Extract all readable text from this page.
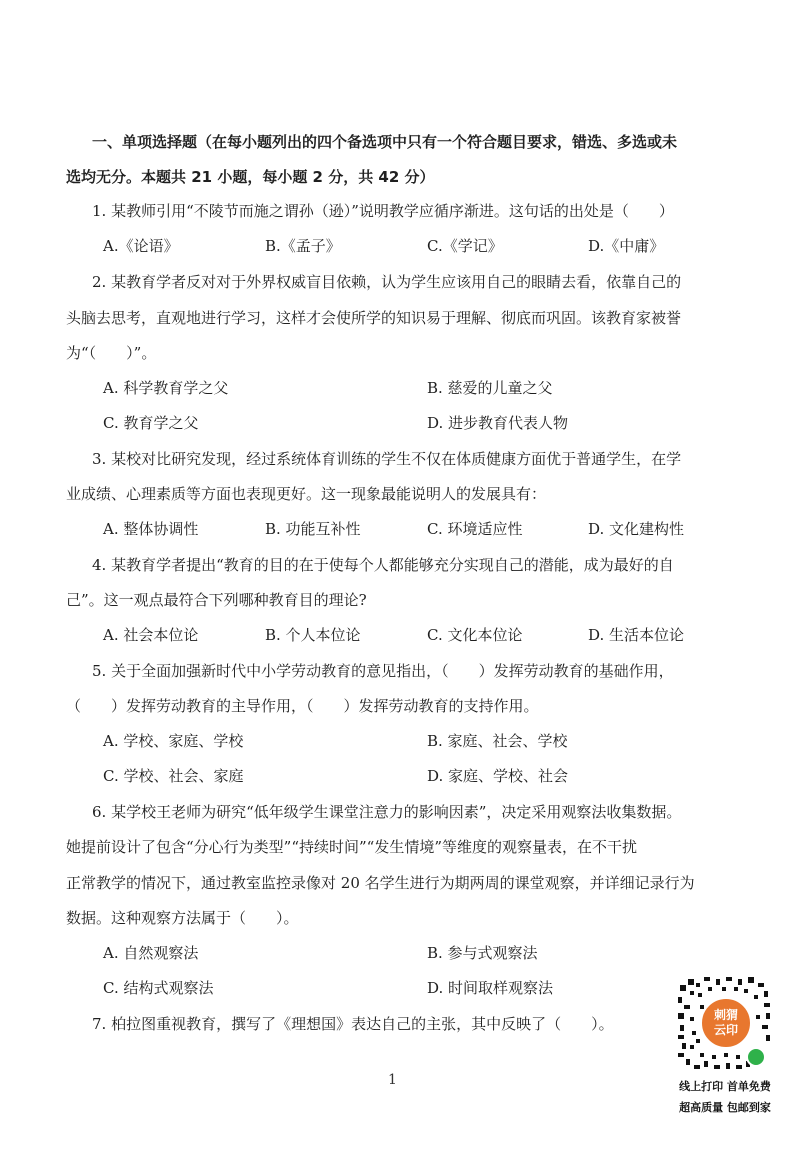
一、单项选择题（在每小题列出的四个备选项中只有一个符合题目要求，错选、多选或未
选均无分。本题共 21 小题，每小题 2 分，共 42 分）
1. 某教师引用“不陵节而施之谓孙（逊）”说明教学应循序渐进。这句话的出处是（　　）
A.《论语》	B.《孟子》	C.《学记》	D.《中庸》
2. 某教育学者反对对于外界权威盲目依赖，认为学生应该用自己的眼睛去看，依靠自己的
头脑去思考，直观地进行学习，这样才会使所学的知识易于理解、彻底而巩固。该教育家被誉
为“（　　）”。
A. 科学教育学之父	B. 慈爱的儿童之父
C. 教育学之父	D. 进步教育代表人物
3. 某校对比研究发现，经过系统体育训练的学生不仅在体质健康方面优于普通学生，在学
业成绩、心理素质等方面也表现更好。这一现象最能说明人的发展具有：
A. 整体协调性	B. 功能互补性	C. 环境适应性	D. 文化建构性
4. 某教育学者提出“教育的目的在于使每个人都能够充分实现自己的潜能，成为最好的自
己”。这一观点最符合下列哪种教育目的理论?
A. 社会本位论	B. 个人本位论	C. 文化本位论	D. 生活本位论
5. 关于全面加强新时代中小学劳动教育的意见指出，（　　）发挥劳动教育的基础作用，
（　　）发挥劳动教育的主导作用，（　　）发挥劳动教育的支持作用。
A. 学校、家庭、学校	B. 家庭、社会、学校
C. 学校、社会、家庭	D. 家庭、学校、社会
6. 某学校王老师为研究“低年级学生课堂注意力的影响因素”，决定采用观察法收集数据。
她提前设计了包含“分心行为类型”“持续时间”“发生情境”等维度的观察量表，在不干扰
正常教学的情况下，通过教室监控录像对 20 名学生进行为期两周的课堂观察，并详细记录行为
数据。这种观察方法属于（　　）。
A. 自然观察法	B. 参与式观察法
C. 结构式观察法	D. 时间取样观察法
7. 柏拉图重视教育，撰写了《理想国》表达自己的主张，其中反映了（　　）。
1
刺猬
云印
线上打印 首单免费
超高质量 包邮到家
